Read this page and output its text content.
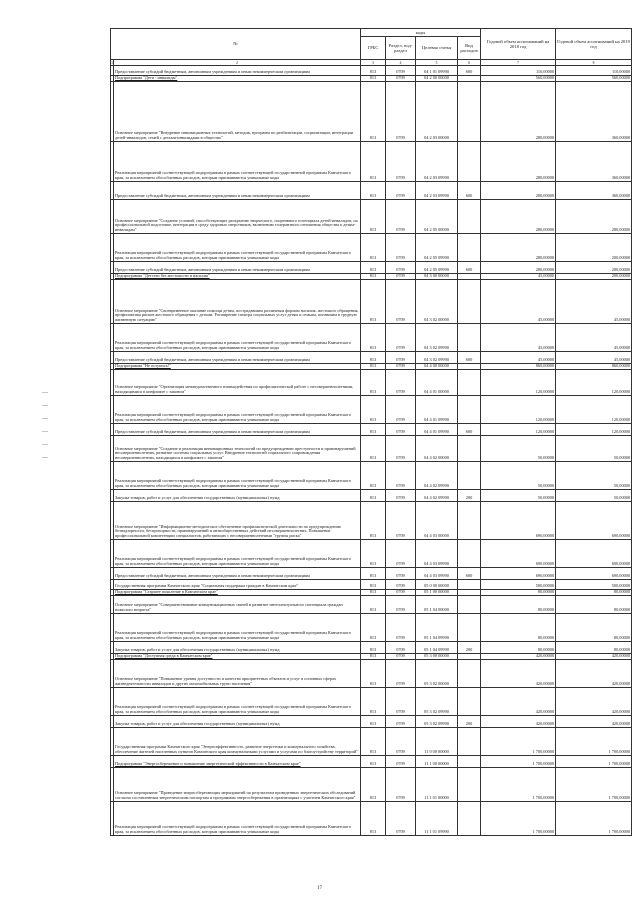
№		коды				Годовой объем ассигнований на 2018 год	Годовой объем ассигнований на 2019 год
		ГРБС	Раздел, под-раздел	Целевая статья	Вид расходов		
1	2	3	4	5	6	7	8
	Предоставление субсидий бюджетным, автономным учреждениям и иным некоммерческим организациям	813	0709	04 1 01 09990	600	110,00000	110,00000
	Подпрограмма "Дети - инвалиды"	813	0709	04 2 00 00000		560,00000	560,00000
	Основное мероприятие "Внедрение инновационных технологий, методик, программ по реабилитации, социализации, интеграции детей-инвалидов, семей с детьми-инвалидами в общество"	813	0709	04 2 03 00000		280,00000	360,00000
	Реализация мероприятий соответствующей подпрограммы в рамках соответствующей государственной программы Камчатского края, за исключением обособленных расходов, которым присваиваются уникальные коды	813	0709	04 2 03 09990		280,00000	360,00000
	Предоставление субсидий бюджетным, автономным учреждениям и иным некоммерческим организациям	813	0709	04 2 03 09990	600	280,00000	360,00000
	Основное мероприятие "Создание условий, способствующих раскрытию творческого, спортивного потенциала детей-инвалидов, их профессиональной подготовке, интеграции в среду здоровых сверстников, включению толерантного отношения общества к детям-инвалидам"	813	0709	04 2 05 00000		280,00000	280,00000
	Реализация мероприятий соответствующей подпрограммы в рамках соответствующей государственной программы Камчатского края, за исключением обособленных расходов, которым присваиваются уникальные коды	813	0709	04 2 05 09990		280,00000	200,00000
	Предоставление субсидий бюджетным, автономным учреждениям и иным некоммерческим организациям	813	0709	04 2 05 09990	600	280,00000	200,00000
	Подпрограмма "Детство без жестокости и насилия"	813	0709	04 3 00 00000		45,00000	200,00000
	Основное мероприятие "Своевременное оказание помощи детям, пострадавшим различным формам насилия, жестокого обращения, профилактика рисков жестокого обращения с детьми. Расширение спектра социальных услуг детям и семьям, попавшим в трудную жизненную ситуацию"	813	0709	04 3 02 00000		45,00000	45,00000
	Реализация мероприятий соответствующей подпрограммы в рамках соответствующей государственной программы Камчатского края, за исключением обособленных расходов, которым присваиваются уникальные коды	813	0709	04 3 02 09990		45,00000	45,00000
	Предоставление субсидий бюджетным, автономным учреждениям и иным некоммерческим организациям	813	0709	04 3 02 09990	600	45,00000	45,00000
	Подпрограмма "Не оступись!"	813	0709	04 4 00 00000		860,00000	860,00000
	Основное мероприятие "Организация межведомственного взаимодействия по профилактической работе с несовершеннолетними, находящимися в конфликте с законом"	813	0709	04 4 01 00000		120,00000	120,00000
	Реализация мероприятий соответствующей подпрограммы в рамках соответствующей государственной программы Камчатского края, за исключением обособленных расходов, которым присваиваются уникальные коды	813	0709	04 4 01 09990		120,00000	120,00000
	Предоставление субсидий бюджетным, автономным учреждениям и иным некоммерческим организациям	813	0709	04 4 01 09990	600	120,00000	120,00000
	Основное мероприятие "Создание и реализация инновационных технологий по предупреждению преступности и правонарушений несовершеннолетних, развитие системы социальных услуг. Внедрение технологий социального сопровождения несовершеннолетних, находящихся в конфликте с законом"	813	0709	04 4 02 00000		50,00000	50,00000
	Реализация мероприятий соответствующей подпрограммы в рамках соответствующей государственной программы Камчатского края, за исключением обособленных расходов, которым присваиваются уникальные коды	813	0709	04 4 02 09990		50,00000	50,00000
	Закупка товаров, работ и услуг для обеспечения государственных (муниципальных) нужд	813	0709	04 4 02 09990	200	50,00000	50,00000
	Основное мероприятие "Информационно-методическое обеспечение профилактической деятельности по предупреждению безнадзорности, беспризорности, правонарушений и антиобщественных действий несовершеннолетних. Повышение профессиональной компетенции специалистов, работающих с несовершеннолетними "группы риска"	813	0709	04 4 03 00000		690,00000	690,00000
	Реализация мероприятий соответствующей подпрограммы в рамках соответствующей государственной программы Камчатского края, за исключением обособленных расходов, которым присваиваются уникальные коды	813	0709	04 4 03 09990		690,00000	690,00000
	Предоставление субсидий бюджетным, автономным учреждениям и иным некоммерческим организациям	813	0709	04 4 03 09990	600	690,00000	690,00000
	Государственная программа Камчатского края "Социальная поддержка граждан в Камчатском крае"	813	0709	05 0 00 00000		500,00000	500,00000
	Подпрограмма "Старшее поколение в Камчатском крае"	813	0709	05 1 00 00000		80,00000	80,00000
	Основное мероприятие "Совершенствование коммуникационных связей и развитие интеллектуального потенциала граждан пожилого возраста"	813	0709	05 1 04 00000		80,00000	80,00000
	Реализация мероприятий соответствующей подпрограммы в рамках соответствующей государственной программы Камчатского края, за исключением обособленных расходов, которым присваиваются уникальные коды	813	0709	05 1 04 09990		80,00000	80,00000
	Закупка товаров, работ и услуг для обеспечения государственных (муниципальных) нужд	813	0709	05 1 04 09990	200	80,00000	80,00000
	Подпрограмма "Доступная среда в Камчатском крае"	813	0709	05 3 00 00000		420,00000	420,00000
	Основное мероприятие "Повышение уровня доступности и качества приоритетных объектов и услуг в основных сферах жизнедеятельности инвалидов и других маломобильных групп населения"	813	0709	05 3 02 00000		420,00000	420,00000
	Реализация мероприятий соответствующей подпрограммы в рамках соответствующей государственной программы Камчатского края, за исключением обособленных расходов, которым присваиваются уникальные коды	813	0709	05 3 02 09990		420,00000	420,00000
	Закупка товаров, работ и услуг для обеспечения государственных (муниципальных) нужд	813	0709	05 3 02 09990	200	420,00000	420,00000
	Государственная программа Камчатского края "Энергоэффективность, развитие энергетики и коммунального хозяйства, обеспечение жителей населенных пунктов Камчатского края коммунальными услугами и услугами по благоустройству территорий"	813	0709	11 0 00 00000		1 700,00000	1 700,00000
	Подпрограмма "Энергосбережение и повышение энергетической эффективности в Камчатском крае"	813	0709	11 1 00 00000		1 700,00000	1 700,00000
	Основное мероприятие "Проведение энергосберегающих мероприятий по результатам проведенных энергетических обследований согласно составленным энергетическим паспортам и программам энергосбережения в организациях с участием Камчатского края"	813	0709	11 1 01 00000		1 700,00000	1 700,00000
	Реализация мероприятий соответствующей подпрограммы в рамках соответствующей государственной программы Камчатского края, за исключением обособленных расходов, которым присваиваются уникальные коды	813	0709	11 1 01 09990		1 700,00000	1 700,00000
17
